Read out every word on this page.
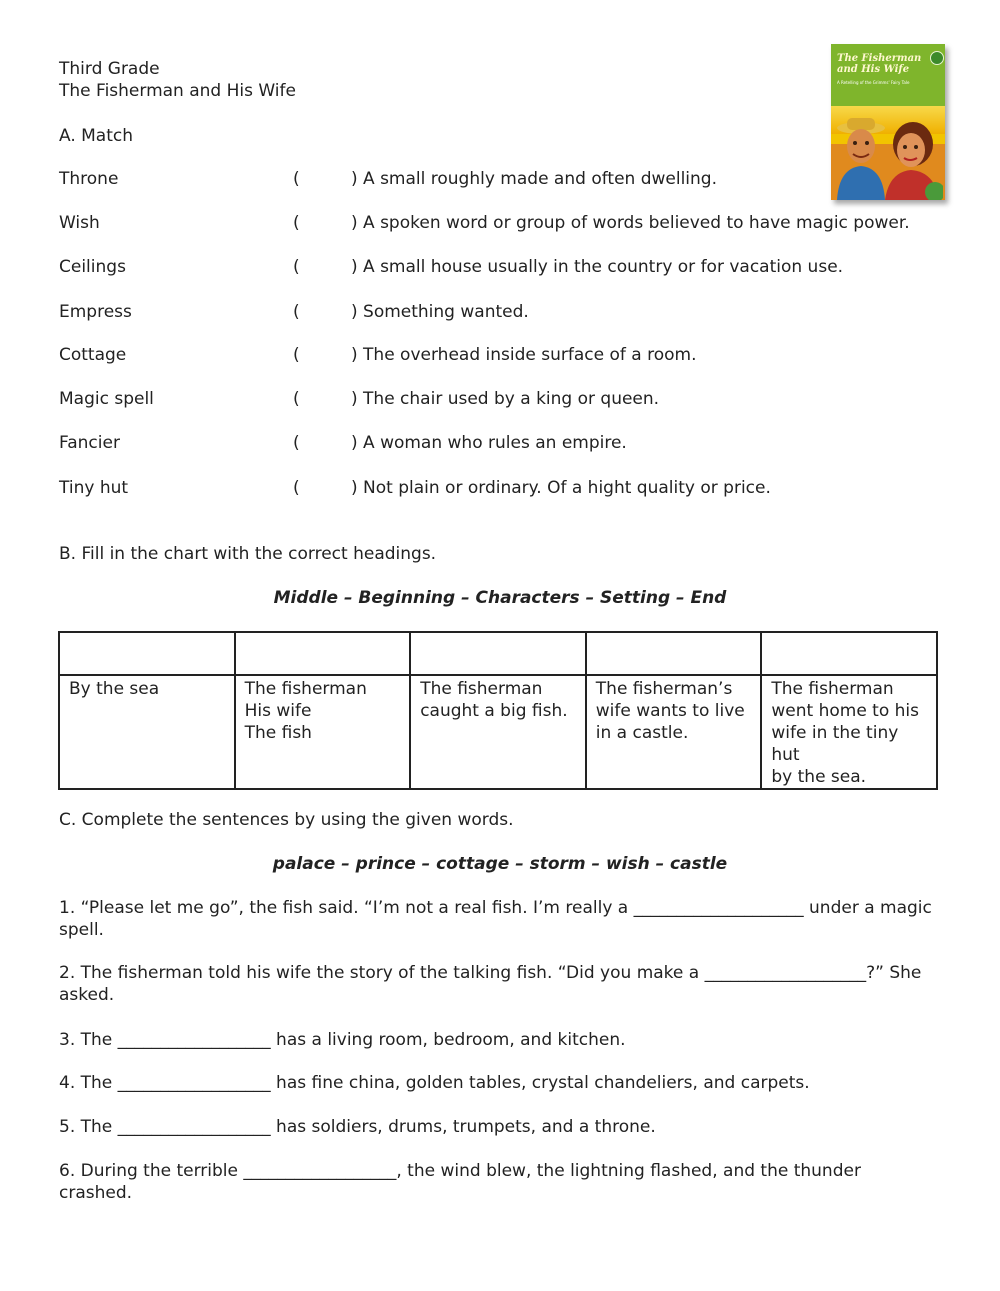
Third Grade
The Fisherman and His Wife
The Fisherman and His Wife
A Retelling of the Grimms' Fairy Tale
A. Match
Throne	(	) A small roughly made and often dwelling.
Wish	(	) A spoken word or group of words believed to have magic power.
Ceilings	(	) A small house usually in the country or for vacation use.
Empress	(	) Something wanted.
Cottage	(	) The overhead inside surface of a room.
Magic spell	(	) The chair used by a king or queen.
Fancier	(	) A woman who rules an empire.
Tiny hut	(	) Not plain or ordinary. Of a hight quality or price.
B. Fill in the chart with the correct headings.
Middle – Beginning – Characters – Setting – End

By the sea	The fisherman
His wife
The fish	The fisherman
caught a big fish.	The fisherman’s
wife wants to live
in a castle.	The fisherman
went home to his
wife in the tiny hut
by the sea.
C. Complete the sentences by using the given words.
palace – prince – cottage – storm – wish – castle
1. “Please let me go”, the fish said. “I’m not a real fish. I’m really a ____________________ under a magic spell.
2. The fisherman told his wife the story of the talking fish. “Did you make a ___________________?” She asked.
3. The __________________ has a living room, bedroom, and kitchen.
4. The __________________ has fine china, golden tables, crystal chandeliers, and carpets.
5. The __________________ has soldiers, drums, trumpets, and a throne.
6. During the terrible __________________, the wind blew, the lightning flashed, and the thunder crashed.
